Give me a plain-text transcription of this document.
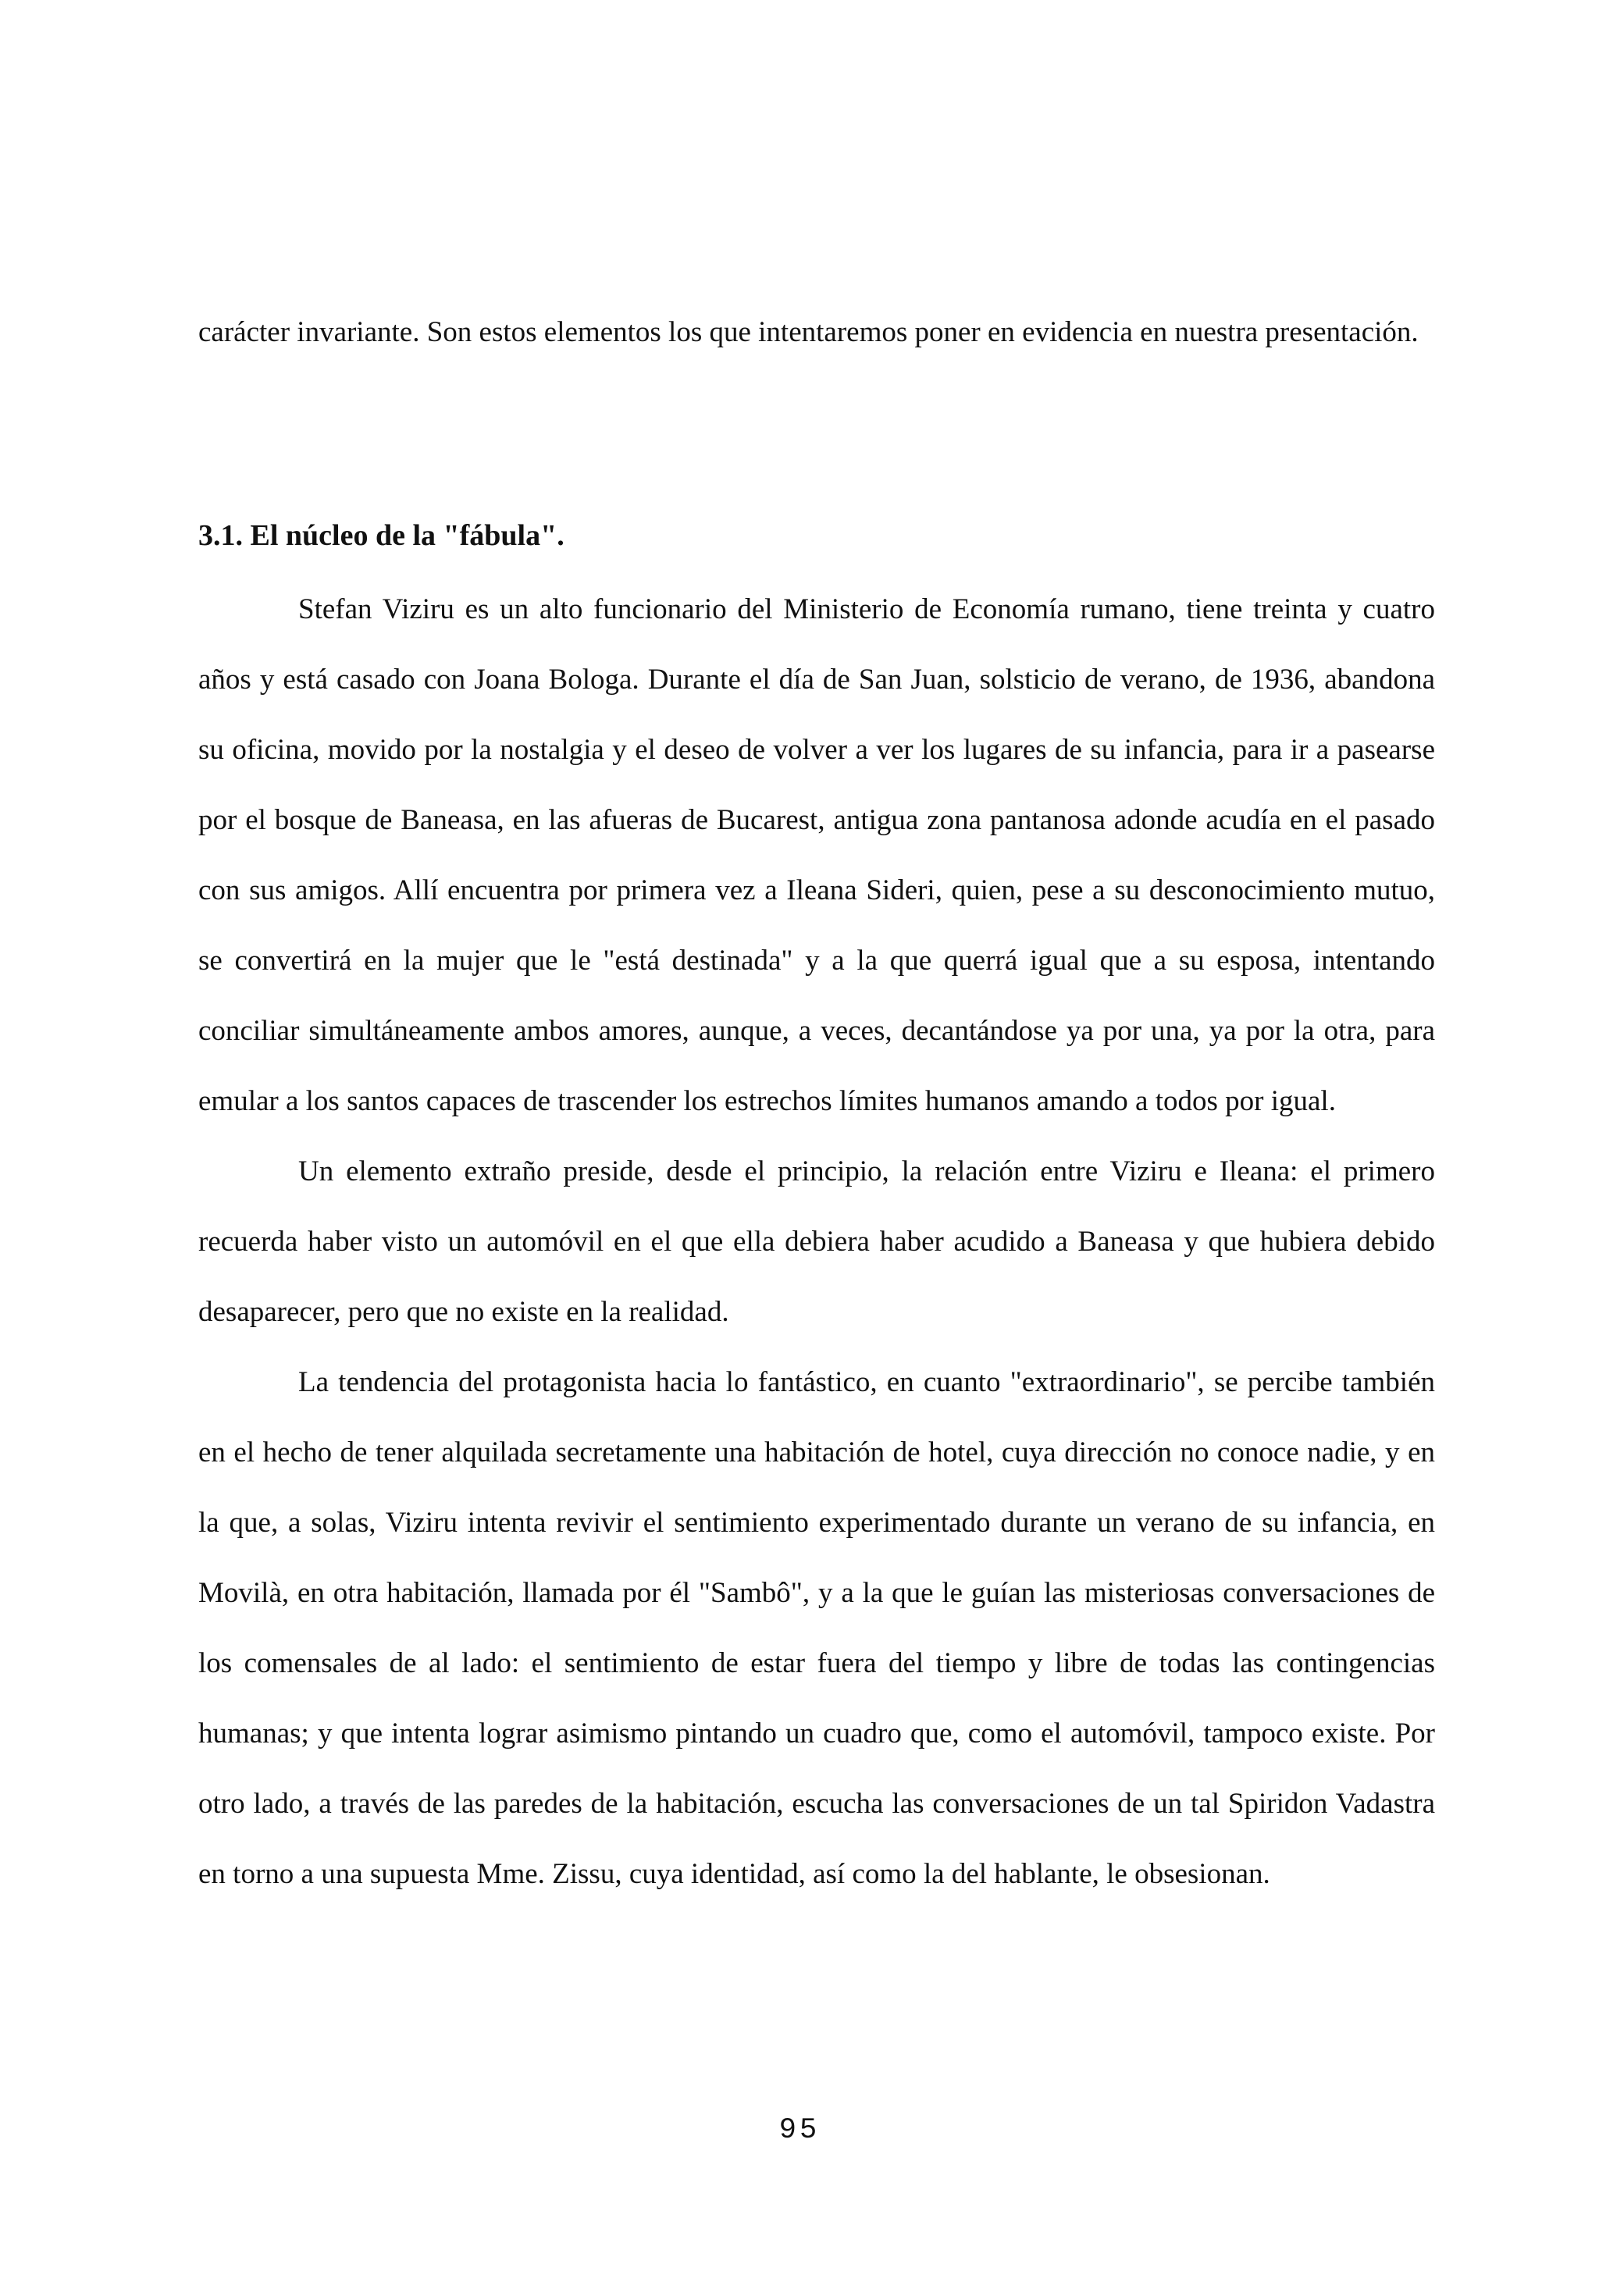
carácter invariante. Son estos elementos los que intentaremos poner en evidencia en nuestra presentación.

3.1. El núcleo de la "fábula".

Stefan Viziru es un alto funcionario del Ministerio de Economía rumano, tiene treinta y cuatro años y está casado con Joana Bologa. Durante el día de San Juan, solsticio de verano, de 1936, abandona su oficina, movido por la nostalgia y el deseo de volver a ver los lugares de su infancia, para ir a pasearse por el bosque de Baneasa, en las afueras de Bucarest, antigua zona pantanosa adonde acudía en el pasado con sus amigos. Allí encuentra por primera vez a Ileana Sideri, quien, pese a su desconocimiento mutuo, se convertirá en la mujer que le "está destinada" y a la que querrá igual que a su esposa, intentando conciliar simultáneamente ambos amores, aunque, a veces, decantándose ya por una, ya por la otra, para emular a los santos capaces de trascender los estrechos límites humanos amando a todos por igual.

Un elemento extraño preside, desde el principio, la relación entre Viziru e Ileana: el primero recuerda haber visto un automóvil en el que ella debiera haber acudido a Baneasa y que hubiera debido desaparecer, pero que no existe en la realidad.

La tendencia del protagonista hacia lo fantástico, en cuanto "extraordinario", se percibe también en el hecho de tener alquilada secretamente una habitación de hotel, cuya dirección no conoce nadie, y en la que, a solas, Viziru intenta revivir el sentimiento experimentado durante un verano de su infancia, en Movilà, en otra habitación, llamada por él "Sambô", y a la que le guían las misteriosas conversaciones de los comensales de al lado: el sentimiento de estar fuera del tiempo y libre de todas las contingencias humanas; y que intenta lograr asimismo pintando un cuadro que, como el automóvil, tampoco existe. Por otro lado, a través de las paredes de la habitación, escucha las conversaciones de un tal Spiridon Vadastra en torno a una supuesta Mme. Zissu, cuya identidad, así como la del hablante, le obsesionan.

95
